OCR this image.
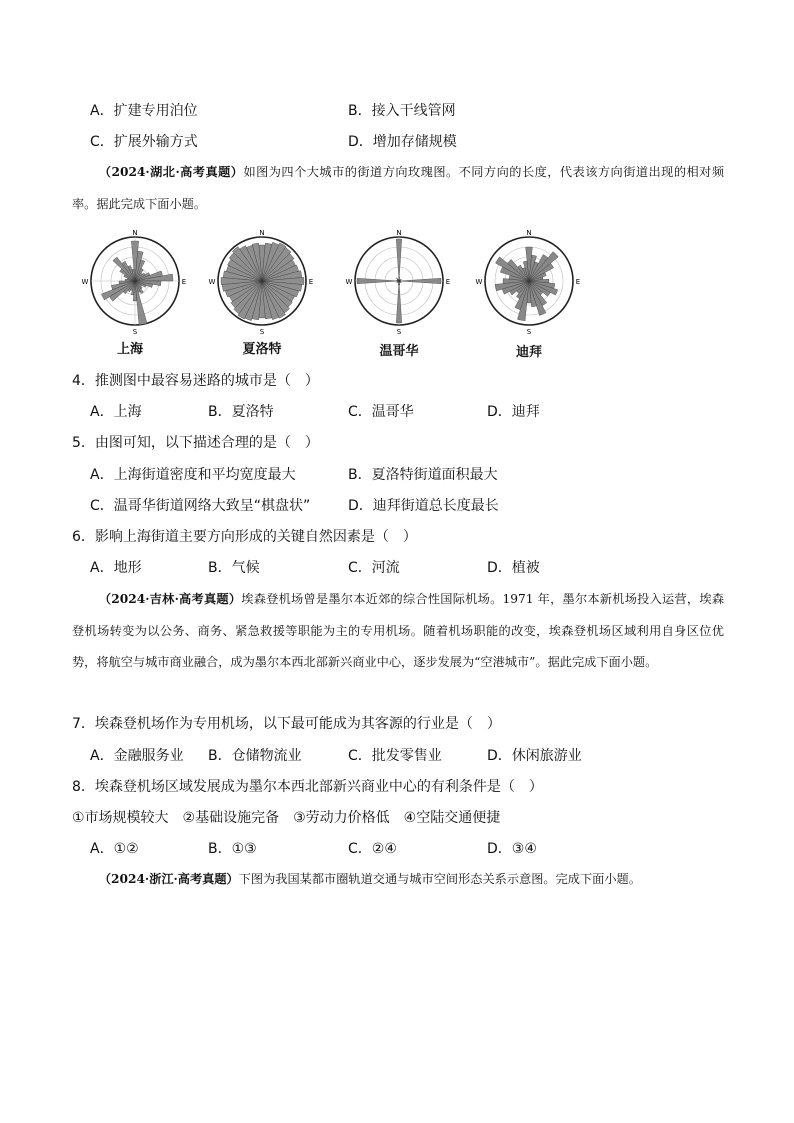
A．扩建专用泊位	B．接入干线管网
C．扩展外输方式	D．增加存储规模
（2024·湖北·高考真题）如图为四个大城市的街道方向玫瑰图。不同方向的长度，代表该方向街道出现的相对频率。据此完成下面小题。
N
S
E
W
N
S
E
W
N
S
E
W
N
S
E
W
上海	夏洛特	温哥华	迪拜
4．推测图中最容易迷路的城市是（　）
A．上海	B．夏洛特	C．温哥华	D．迪拜
5．由图可知，以下描述合理的是（　）
A．上海街道密度和平均宽度最大	B．夏洛特街道面积最大
C．温哥华街道网络大致呈“棋盘状”	D．迪拜街道总长度最长
6．影响上海街道主要方向形成的关键自然因素是（　）
A．地形	B．气候	C．河流	D．植被
（2024·吉林·高考真题）埃森登机场曾是墨尔本近郊的综合性国际机场。1971 年，墨尔本新机场投入运营，埃森登机场转变为以公务、商务、紧急救援等职能为主的专用机场。随着机场职能的改变，埃森登机场区域利用自身区位优势，将航空与城市商业融合，成为墨尔本西北部新兴商业中心，逐步发展为“空港城市”。据此完成下面小题。
7．埃森登机场作为专用机场，以下最可能成为其客源的行业是（　）
A．金融服务业 B．仓储物流业	C．批发零售业	D．休闲旅游业
8．埃森登机场区域发展成为墨尔本西北部新兴商业中心的有利条件是（　）
①市场规模较大　②基础设施完备　③劳动力价格低　④空陆交通便捷
A．①②	B．①③	C．②④	D．③④
（2024·浙江·高考真题）下图为我国某都市圈轨道交通与城市空间形态关系示意图。完成下面小题。
